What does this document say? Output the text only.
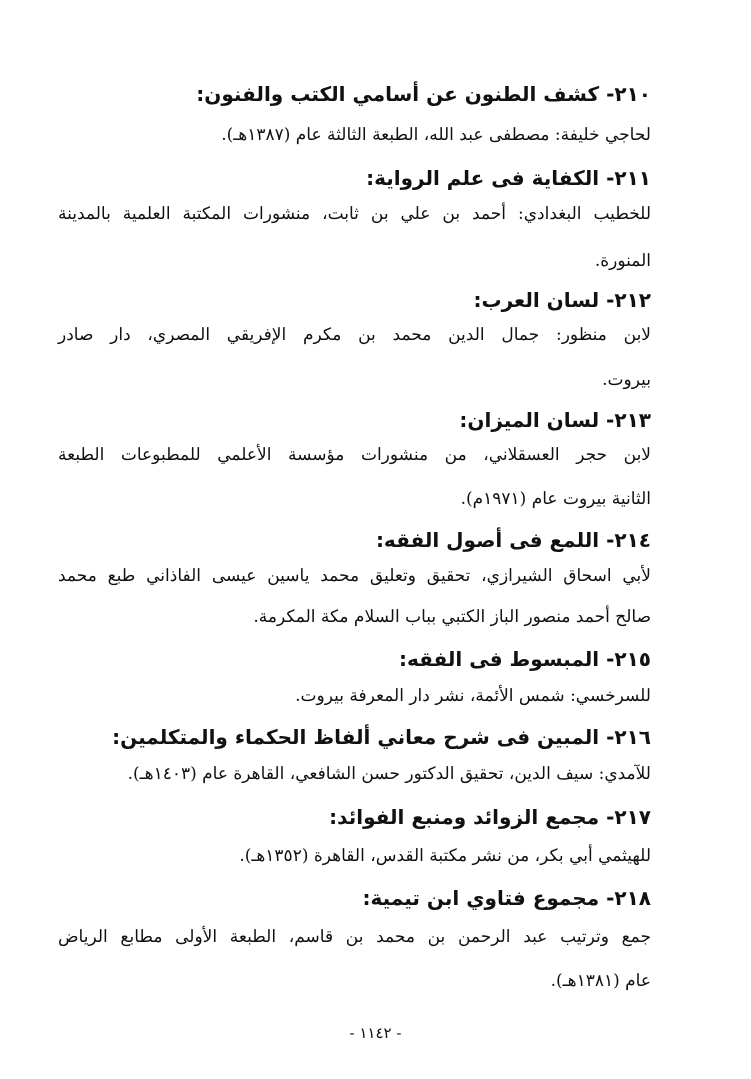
٢١٠- كشف الطنون عن أسامي الكتب والفنون:
لحاجي خليفة: مصطفى عبد الله، الطبعة الثالثة عام (١٣٨٧هـ).
٢١١- الكفاية فى علم الرواية:
للخطيب البغدادي: أحمد بن علي بن ثابت، منشورات المكتبة العلمية بالمدينة
المنورة.
٢١٢- لسان العرب:
لابن منظور: جمال الدين محمد بن مكرم الإفريقي المصري، دار صادر
بيروت.
٢١٣- لسان الميزان:
لابن حجر العسقلاني، من منشورات مؤسسة الأعلمي للمطبوعات الطبعة
الثانية بيروت عام (١٩٧١م).
٢١٤- اللمع فى أصول الفقه:
لأبي اسحاق الشيرازي، تحقيق وتعليق محمد ياسين عيسى الفاذاني طبع محمد
صالح أحمد منصور الباز الكتبي بباب السلام مكة المكرمة.
٢١٥- المبسوط فى الفقه:
للسرخسي: شمس الأئمة، نشر دار المعرفة بيروت.
٢١٦- المبين فى شرح معاني ألفاظ الحكماء والمتكلمين:
للآمدي: سيف الدين، تحقيق الدكتور حسن الشافعي، القاهرة عام (١٤٠٣هـ).
٢١٧- مجمع الزوائد ومنبع الفوائد:
للهيثمي أبي بكر، من نشر مكتبة القدس، القاهرة (١٣٥٢هـ).
٢١٨- مجموع فتاوي ابن تيمية:
جمع وترتيب عبد الرحمن بن محمد بن قاسم، الطبعة الأولى مطابع الرياض
عام (١٣٨١هـ).
- ١١٤٢ -
